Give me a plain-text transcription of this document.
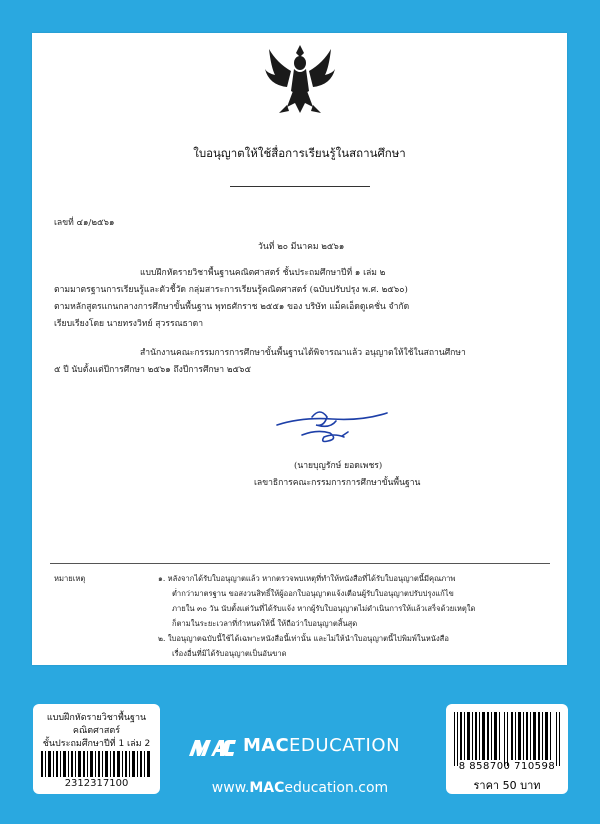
ใบอนุญาตให้ใช้สื่อการเรียนรู้ในสถานศึกษา
เลขที่ ๔๑/๒๕๖๑
วันที่ ๒๐ มีนาคม ๒๕๖๑
แบบฝึกหัดรายวิชาพื้นฐานคณิตศาสตร์ ชั้นประถมศึกษาปีที่ ๑ เล่ม ๒
ตามมาตรฐานการเรียนรู้และตัวชี้วัด กลุ่มสาระการเรียนรู้คณิตศาสตร์ (ฉบับปรับปรุง พ.ศ. ๒๕๖๐)
ตามหลักสูตรแกนกลางการศึกษาขั้นพื้นฐาน พุทธศักราช ๒๕๕๑ ของ บริษัท แม็คเอ็ดดูเคชั่น จำกัด
เรียบเรียงโดย นายทรงวิทย์ สุวรรณธาดา
สำนักงานคณะกรรมการการศึกษาขั้นพื้นฐานได้พิจารณาแล้ว อนุญาตให้ใช้ในสถานศึกษา
๕ ปี นับตั้งแต่ปีการศึกษา ๒๕๖๑ ถึงปีการศึกษา ๒๕๖๕
(นายบุญรักษ์ ยอดเพชร)
เลขาธิการคณะกรรมการการศึกษาขั้นพื้นฐาน
หมายเหตุ	๑. หลังจากได้รับใบอนุญาตแล้ว หากตรวจพบเหตุที่ทำให้หนังสือที่ได้รับใบอนุญาตนี้มีคุณภาพ
ต่ำกว่ามาตรฐาน ขอสงวนสิทธิ์ให้ผู้ออกใบอนุญาตแจ้งเตือนผู้รับใบอนุญาตปรับปรุงแก้ไข
ภายใน ๓๐ วัน นับตั้งแต่วันที่ได้รับแจ้ง หากผู้รับใบอนุญาตไม่ดำเนินการให้แล้วเสร็จด้วยเหตุใด
ก็ตามในระยะเวลาที่กำหนดให้นี้ ให้ถือว่าใบอนุญาตสิ้นสุด
๒. ใบอนุญาตฉบับนี้ใช้ได้เฉพาะหนังสือนี้เท่านั้น และไม่ให้นำใบอนุญาตนี้ไปพิมพ์ในหนังสือ
เรื่องอื่นที่มิได้รับอนุญาตเป็นอันขาด
แบบฝึกหัดรายวิชาพื้นฐาน
คณิตศาสตร์
ชั้นประถมศึกษาปีที่ 1 เล่ม 2
2312317100
MACEDUCATION
www.MACeducation.com
8 858700 710598
ราคา 50 บาท
